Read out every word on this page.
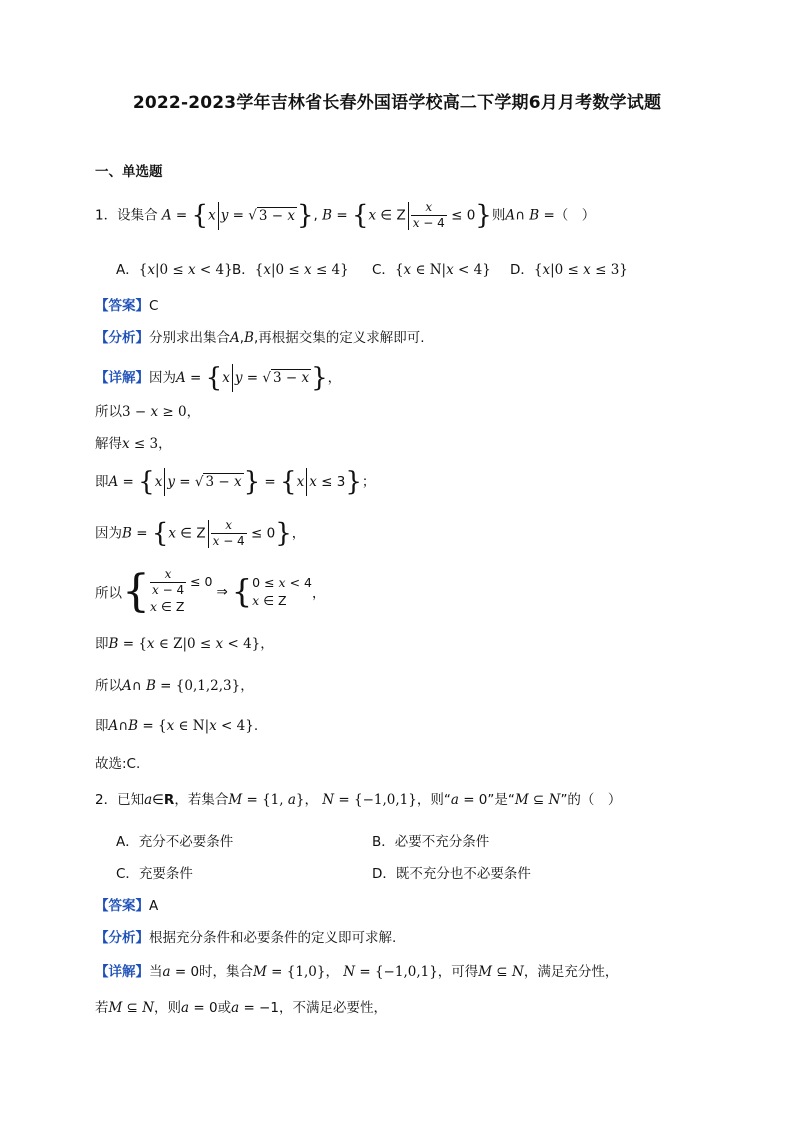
2022-2023学年吉林省长春外国语学校高二下学期6月月考数学试题
一、单选题
1．设集合 A = {x y = √ 3 − x}, B = {x ∈ Z $\frac{x}{x - 4} \le 0$}则A∩ B =（　）
A．{x|0 ≤ x < 4} B．{x|0 ≤ x ≤ 4} C．{x ∈ N|x < 4} D．{x|0 ≤ x ≤ 3}
【答案】C
【分析】分别求出集合A,B,再根据交集的定义求解即可.
【详解】因为A = {x y = √ 3 − x}，
所以3 − x ≥ 0，
解得x ≤ 3，
即A = {x y = √ 3 − x} = {x x ≤ 3}；
因为B = {x ∈ Z $\frac{x}{x - 4} \le 0$}，
所以{ $\frac{x}{x - 4} \le 0$
x ∈ Z
⇒ { 0 ≤ x < 4
x ∈ Z	，
即B = {x ∈ Z|0 ≤ x < 4}，
所以A∩ B = {0,1,2,3}，
即A∩B = {x ∈ N|x < 4}.
故选:C.
2．已知a∈R，若集合M = {1, a}， N = {−1,0,1}，则“a = 0”是“M ⊆ N”的（　）
A．充分不必要条件	B．必要不充分条件
C．充要条件	D．既不充分也不必要条件
【答案】A
【分析】根据充分条件和必要条件的定义即可求解.
【详解】当a = 0时，集合M = {1,0}， N = {−1,0,1}，可得M ⊆ N，满足充分性，
若M ⊆ N，则a = 0或a = −1，不满足必要性，
